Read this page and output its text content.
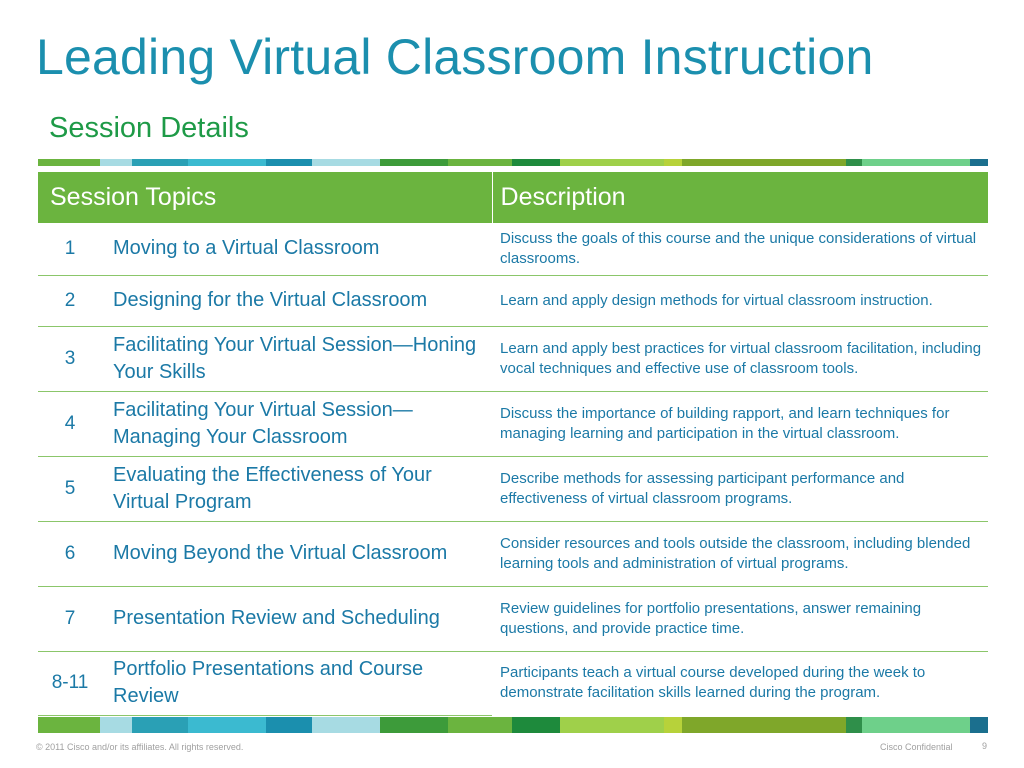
Leading Virtual Classroom Instruction
Session Details
Session Topics		Description
1	Moving to a Virtual Classroom	Discuss the goals of this course and the unique considerations of virtual classrooms.
2	Designing for the Virtual Classroom	Learn and apply design methods for virtual classroom instruction.
3	Facilitating Your Virtual Session—Honing Your Skills	Learn and apply best practices for virtual classroom facilitation, including vocal techniques and effective use of classroom tools.
4	Facilitating Your Virtual Session—Managing Your Classroom	Discuss the importance of building rapport, and learn techniques for managing learning and participation in the virtual classroom.
5	Evaluating the Effectiveness of Your Virtual Program	Describe methods for assessing participant performance and effectiveness of virtual classroom programs.
6	Moving Beyond the Virtual Classroom	Consider resources and tools outside the classroom, including blended learning tools and administration of virtual programs.
7	Presentation Review and Scheduling	Review guidelines for portfolio presentations, answer remaining questions, and provide practice time.
8-11	Portfolio Presentations and Course Review	Participants teach a virtual course developed during the week to demonstrate facilitation skills learned during the program.
© 2011 Cisco and/or its affiliates. All rights reserved.	Cisco Confidential	9
